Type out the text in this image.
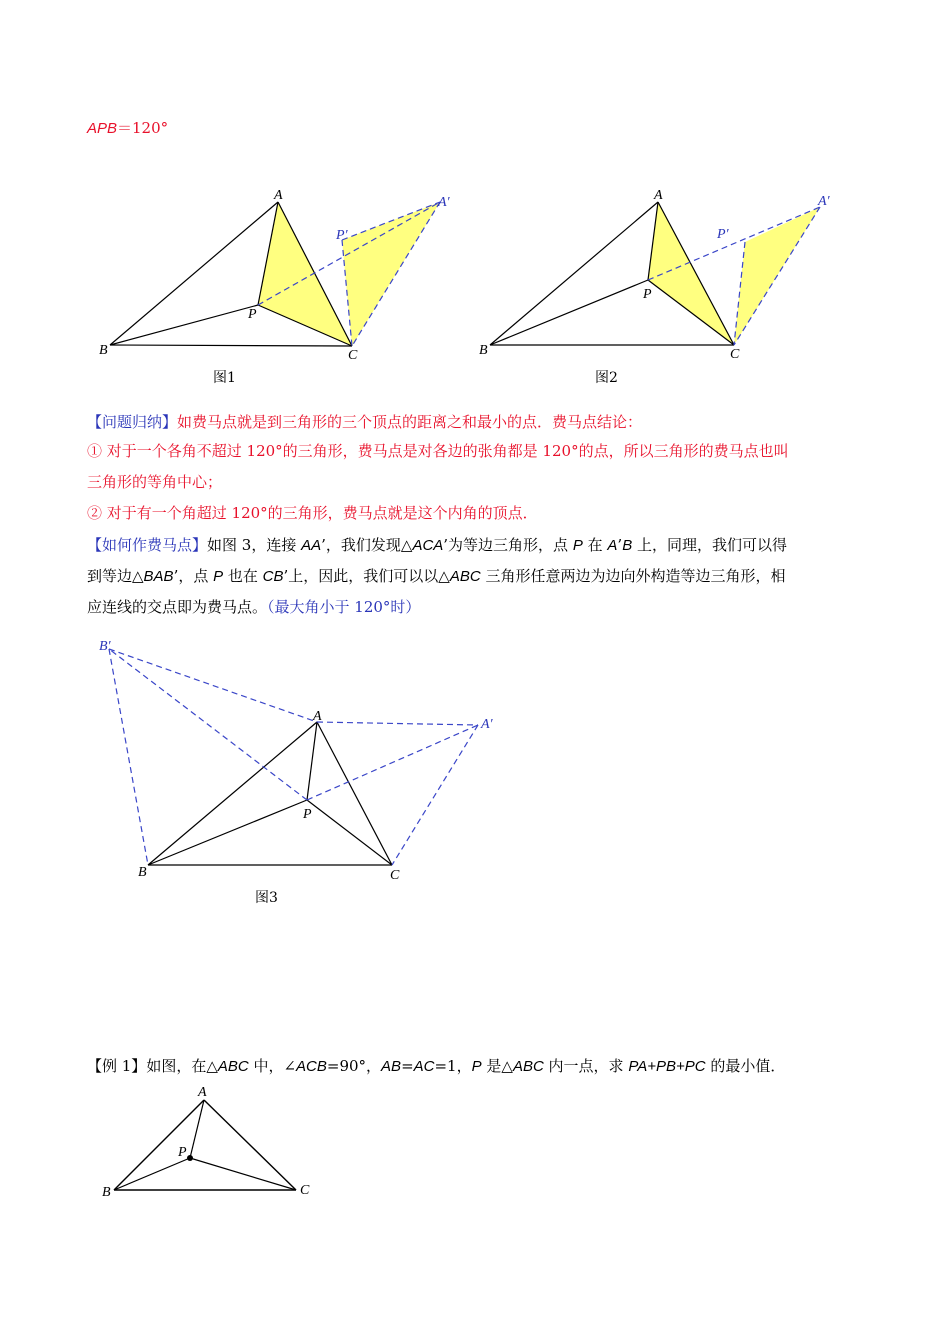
APB＝120°
A	A′
P′
P
B	C
图1
A	A′
P′
P
B	C
图2
【问题归纳】如费马点就是到三角形的三个顶点的距离之和最小的点．费马点结论：
① 对于一个各角不超过 120°的三角形，费马点是对各边的张角都是 120°的点，所以三角形的费马点也叫
三角形的等角中心；
② 对于有一个角超过 120°的三角形，费马点就是这个内角的顶点．
【如何作费马点】如图 3，连接 AA’，我们发现△ACA’为等边三角形，点 P 在 A’B 上，同理，我们可以得
到等边△BAB’，点 P 也在 CB’上，因此，我们可以以△ABC 三角形任意两边为边向外构造等边三角形，相
应连线的交点即为费马点。（最大角小于 120°时）
B′
A
A′
P
B	C
图3
【例 1】如图，在△ABC 中，∠ACB=90°，AB=AC=1，P 是△ABC 内一点，求 PA+PB+PC 的最小值．
A
P
B	C
